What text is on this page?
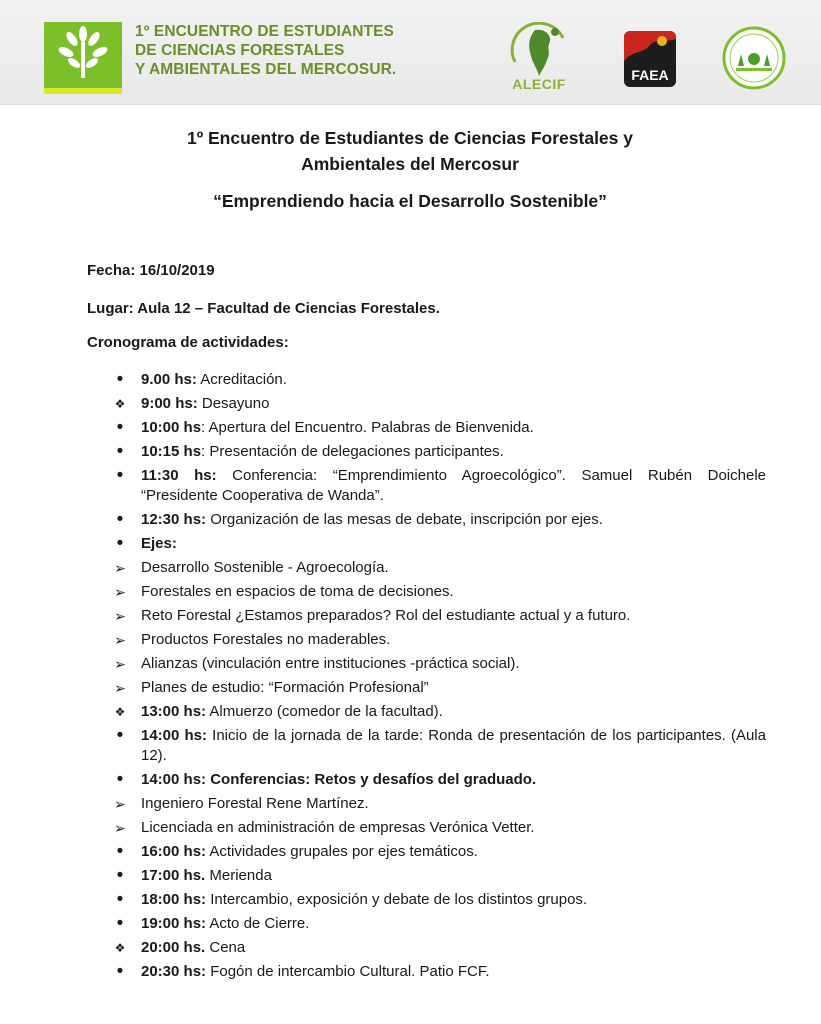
1º ENCUENTRO DE ESTUDIANTES
DE CIENCIAS FORESTALES
Y AMBIENTALES DEL MERCOSUR.
ALECIF
FAEA
1º Encuentro de Estudiantes de Ciencias Forestales y
Ambientales del Mercosur
“Emprendiendo hacia el Desarrollo Sostenible”
Fecha: 16/10/2019
Lugar: Aula 12 – Facultad de Ciencias Forestales.
Cronograma de actividades:
•
9.00 hs: Acreditación.
❖
9:00 hs: Desayuno
•
10:00 hs: Apertura del Encuentro. Palabras de Bienvenida.
•
10:15 hs: Presentación de delegaciones participantes.
•
11:30 hs: Conferencia: “Emprendimiento Agroecológico”. Samuel Rubén Doichele “Presidente Cooperativa de Wanda”.
•
12:30 hs: Organización de las mesas de debate, inscripción por ejes.
•
Ejes:
➢
Desarrollo Sostenible - Agroecología.
➢
Forestales en espacios de toma de decisiones.
➢
Reto Forestal ¿Estamos preparados? Rol del estudiante actual y a futuro.
➢
Productos Forestales no maderables.
➢
Alianzas (vinculación entre instituciones -práctica social).
➢
Planes de estudio: “Formación Profesional”
❖
13:00 hs: Almuerzo (comedor de la facultad).
•
14:00 hs: Inicio de la jornada de la tarde: Ronda de presentación de los participantes. (Aula 12).
•
14:00 hs: Conferencias: Retos y desafíos del graduado.
➢
Ingeniero Forestal Rene Martínez.
➢
Licenciada en administración de empresas Verónica Vetter.
•
16:00 hs: Actividades grupales por ejes temáticos.
•
17:00 hs. Merienda
•
18:00 hs: Intercambio, exposición y debate de los distintos grupos.
•
19:00 hs: Acto de Cierre.
❖
20:00 hs. Cena
•
20:30 hs: Fogón de intercambio Cultural. Patio FCF.
